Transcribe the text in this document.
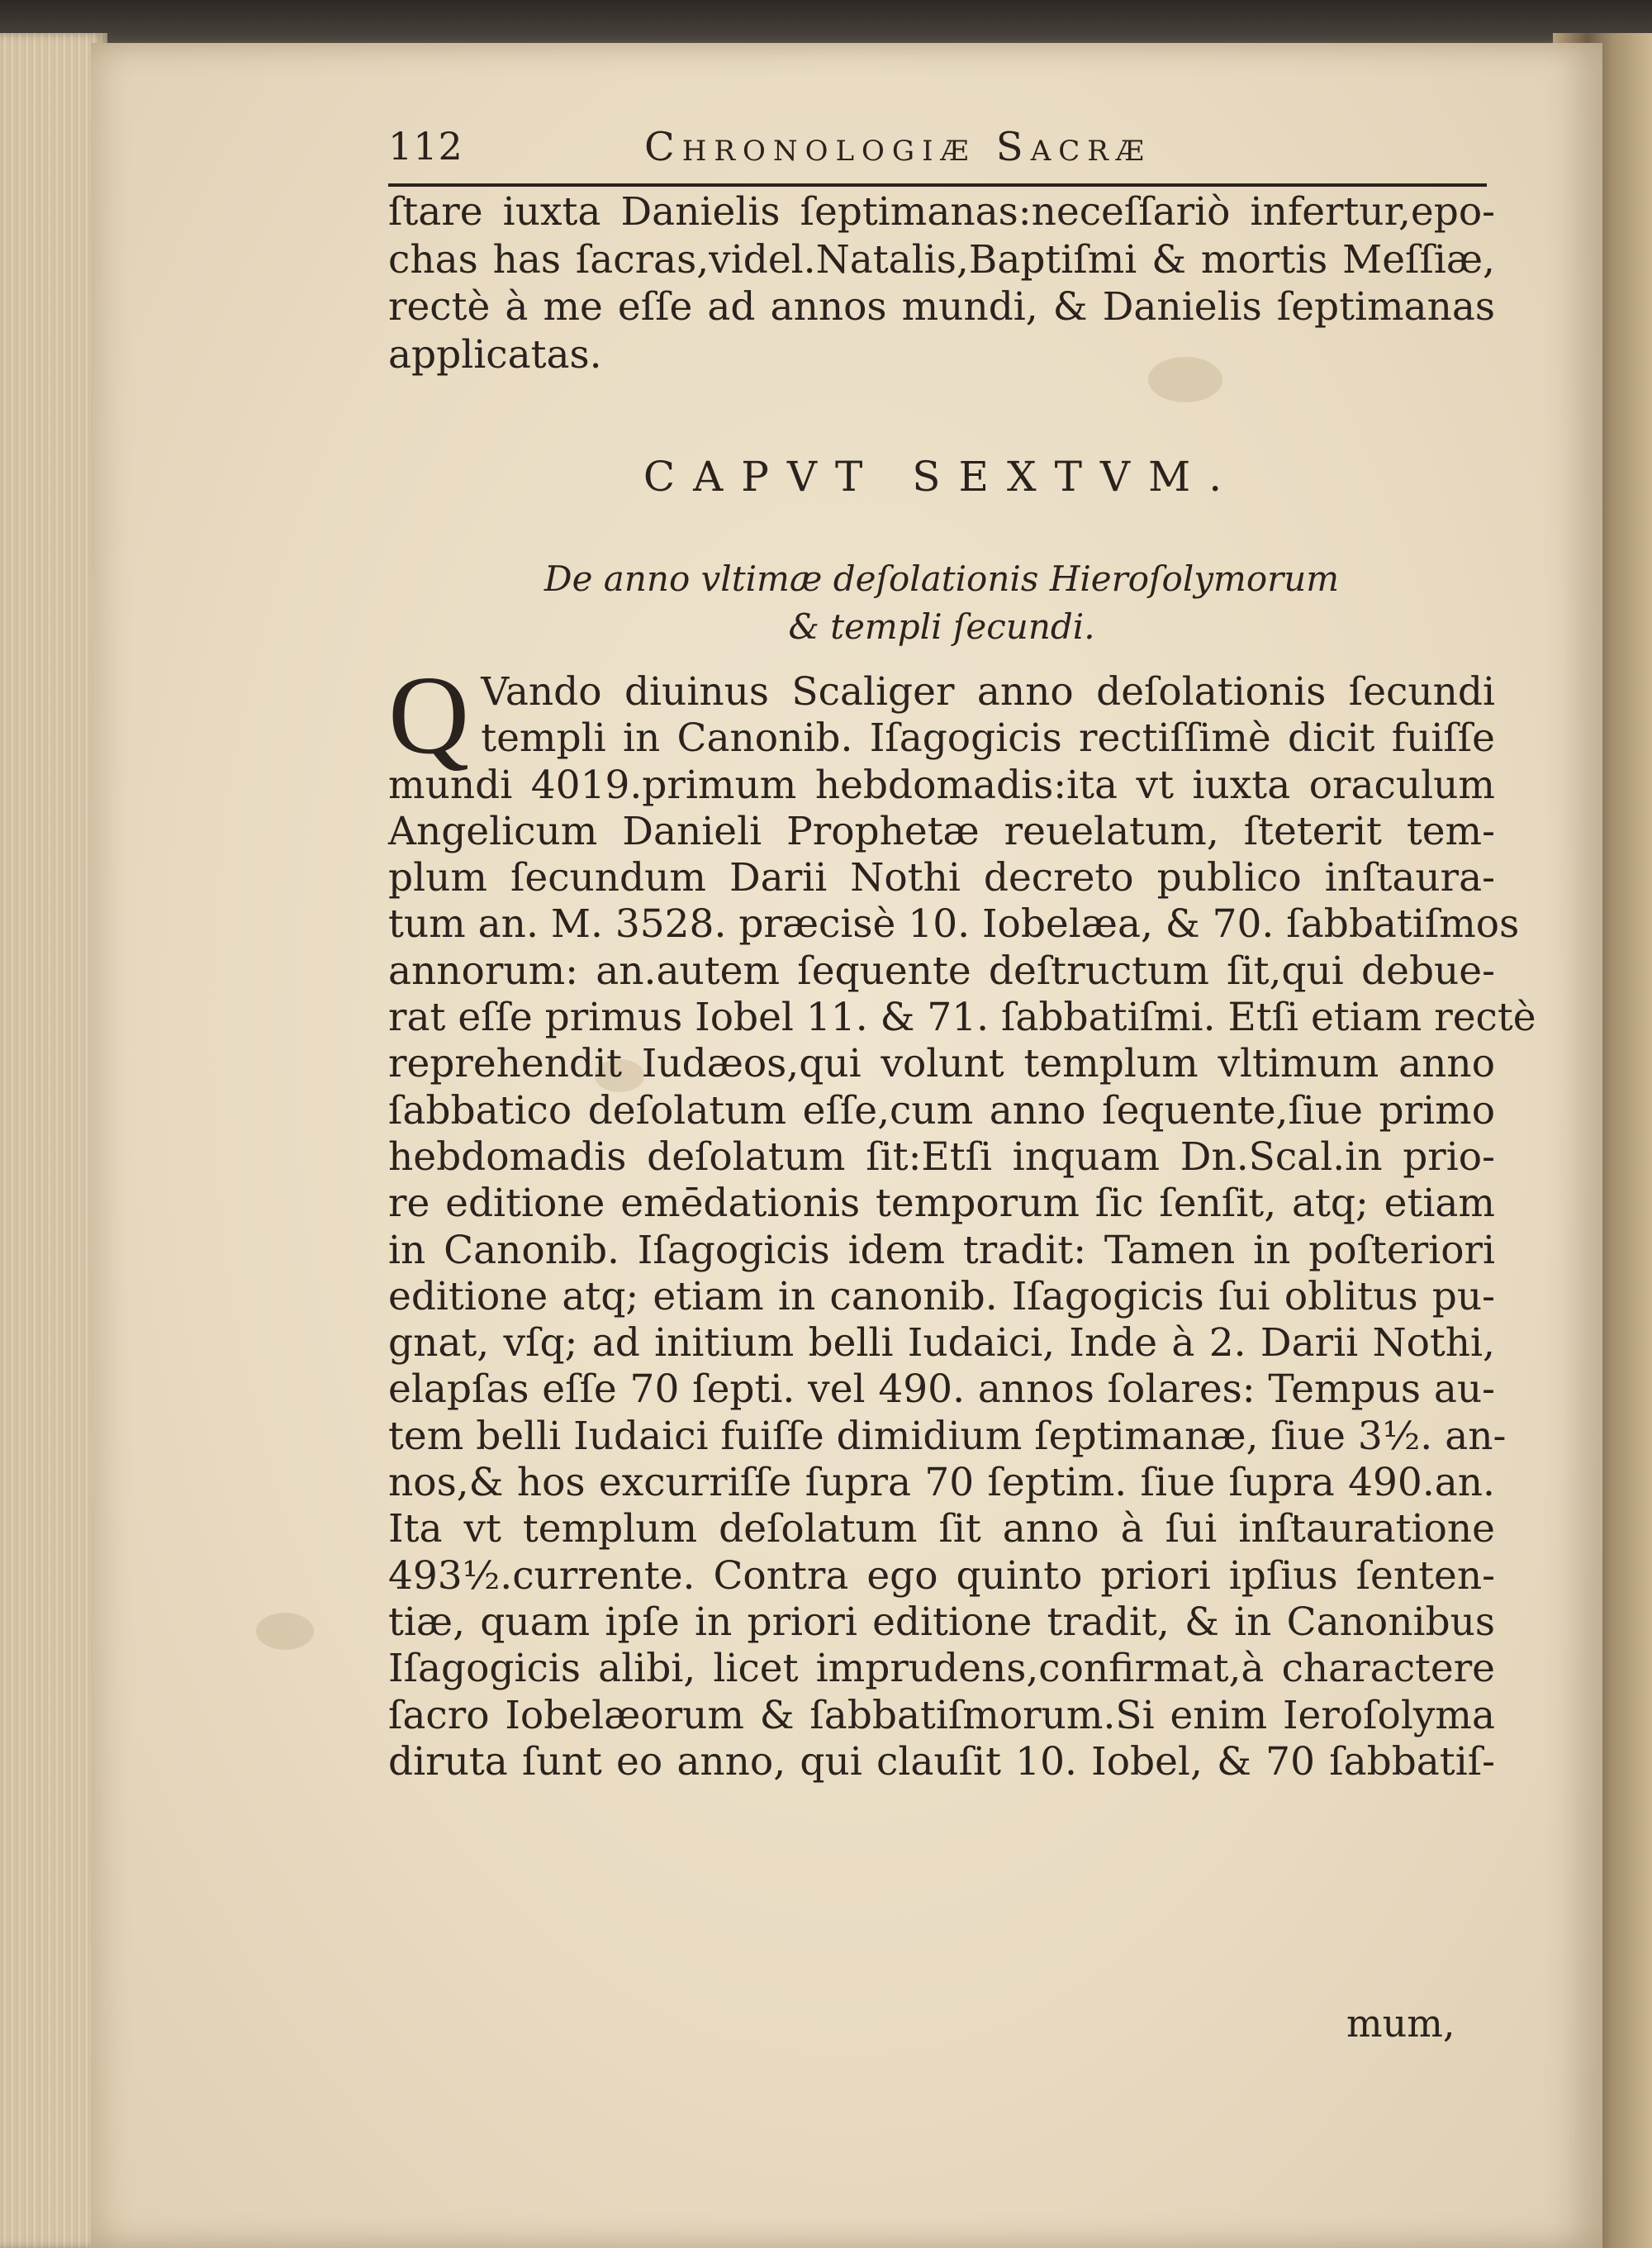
112	Chronologiæ Sacræ
ſtare iuxta Danielis ſeptimanas:neceſſariò infertur,epo-
chas has ſacras,videl.Natalis,Baptiſmi & mortis Meſſiæ,
rectè à me eſſe ad annos mundi, & Danielis ſeptimanas
applicatas.
CAPVT SEXTVM.
De anno vltimæ deſolationis Hieroſolymorum
& templi ſecundi.
Q Vando diuinus Scaliger anno deſolationis ſecundi
templi in Canonib. Iſagogicis rectiſſimè dicit fuiſſe
mundi 4019.primum hebdomadis:ita vt iuxta oraculum
Angelicum Danieli Prophetæ reuelatum, ſteterit tem-
plum ſecundum Darii Nothi decreto publico inſtaura-
tum an. M. 3528. præcisè 10. Iobelæa, & 70. ſabbatiſmos
annorum: an.autem ſequente deſtructum ſit,qui debue-
rat eſſe primus Iobel 11. & 71. ſabbatiſmi. Etſi etiam rectè
reprehendit Iudæos,qui volunt templum vltimum anno
ſabbatico deſolatum eſſe,cum anno ſequente,ſiue primo
hebdomadis deſolatum ſit:Etſi inquam Dn.Scal.in prio-
re editione emēdationis temporum ſic ſenſit, atq; etiam
in Canonib. Iſagogicis idem tradit: Tamen in poſteriori
editione atq; etiam in canonib. Iſagogicis ſui oblitus pu-
gnat, vſq; ad initium belli Iudaici, Inde à 2. Darii Nothi,
elapſas eſſe 70 ſepti. vel 490. annos ſolares: Tempus au-
tem belli Iudaici fuiſſe dimidium ſeptimanæ, ſiue 3½. an-
nos,& hos excurriſſe ſupra 70 ſeptim. ſiue ſupra 490.an.
Ita vt templum deſolatum ſit anno à ſui inſtauratione
493½.currente. Contra ego quinto priori ipſius ſenten-
tiæ, quam ipſe in priori editione tradit, & in Canonibus
Iſagogicis alibi, licet imprudens,confirmat,à charactere
ſacro Iobelæorum & ſabbatiſmorum.Si enim Ieroſolyma
diruta ſunt eo anno, qui clauſit 10. Iobel, & 70 ſabbatiſ-
mum,
